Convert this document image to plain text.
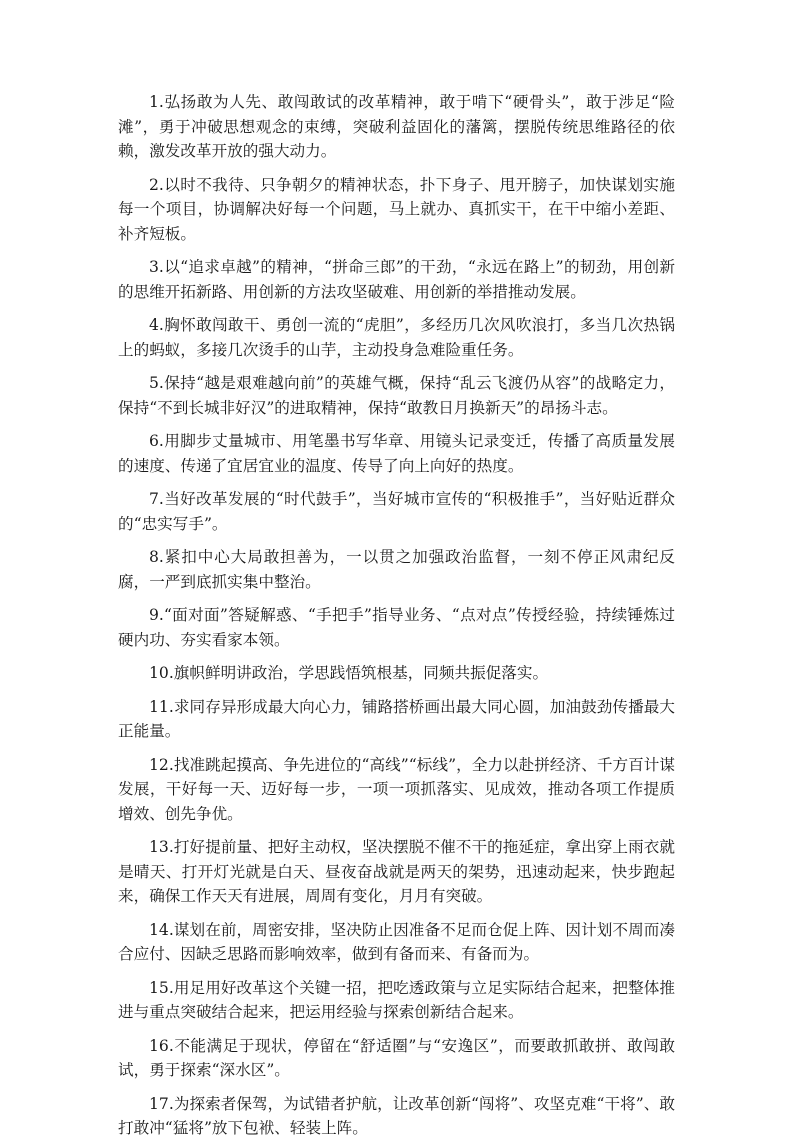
1.弘扬敢为人先、敢闯敢试的改革精神，敢于啃下“硬骨头”，敢于涉足“险滩”，勇于冲破思想观念的束缚，突破利益固化的藩篱，摆脱传统思维路径的依赖，激发改革开放的强大动力。

2.以时不我待、只争朝夕的精神状态，扑下身子、甩开膀子，加快谋划实施每一个项目，协调解决好每一个问题，马上就办、真抓实干，在干中缩小差距、补齐短板。

3.以“追求卓越”的精神，“拼命三郎”的干劲，“永远在路上”的韧劲，用创新的思维开拓新路、用创新的方法攻坚破难、用创新的举措推动发展。

4.胸怀敢闯敢干、勇创一流的“虎胆”，多经历几次风吹浪打，多当几次热锅上的蚂蚁，多接几次烫手的山芋，主动投身急难险重任务。

5.保持“越是艰难越向前”的英雄气概，保持“乱云飞渡仍从容”的战略定力，保持“不到长城非好汉”的进取精神，保持“敢教日月换新天”的昂扬斗志。

6.用脚步丈量城市、用笔墨书写华章、用镜头记录变迁，传播了高质量发展的速度、传递了宜居宜业的温度、传导了向上向好的热度。

7.当好改革发展的“时代鼓手”，当好城市宣传的“积极推手”，当好贴近群众的“忠实写手”。

8.紧扣中心大局敢担善为，一以贯之加强政治监督，一刻不停正风肃纪反腐，一严到底抓实集中整治。

9.“面对面”答疑解惑、“手把手”指导业务、“点对点”传授经验，持续锤炼过硬内功、夯实看家本领。

10.旗帜鲜明讲政治，学思践悟筑根基，同频共振促落实。

11.求同存异形成最大向心力，铺路搭桥画出最大同心圆，加油鼓劲传播最大正能量。

12.找准跳起摸高、争先进位的“高线”“标线”，全力以赴拼经济、千方百计谋发展，干好每一天、迈好每一步，一项一项抓落实、见成效，推动各项工作提质增效、创先争优。

13.打好提前量、把好主动权，坚决摆脱不催不干的拖延症，拿出穿上雨衣就是晴天、打开灯光就是白天、昼夜奋战就是两天的架势，迅速动起来，快步跑起来，确保工作天天有进展，周周有变化，月月有突破。

14.谋划在前，周密安排，坚决防止因准备不足而仓促上阵、因计划不周而凑合应付、因缺乏思路而影响效率，做到有备而来、有备而为。

15.用足用好改革这个关键一招，把吃透政策与立足实际结合起来，把整体推进与重点突破结合起来，把运用经验与探索创新结合起来。

16.不能满足于现状，停留在“舒适圈”与“安逸区”，而要敢抓敢拼、敢闯敢试，勇于探索“深水区”。

17.为探索者保驾，为试错者护航，让改革创新“闯将”、攻坚克难“干将”、敢打敢冲“猛将”放下包袱、轻装上阵。
